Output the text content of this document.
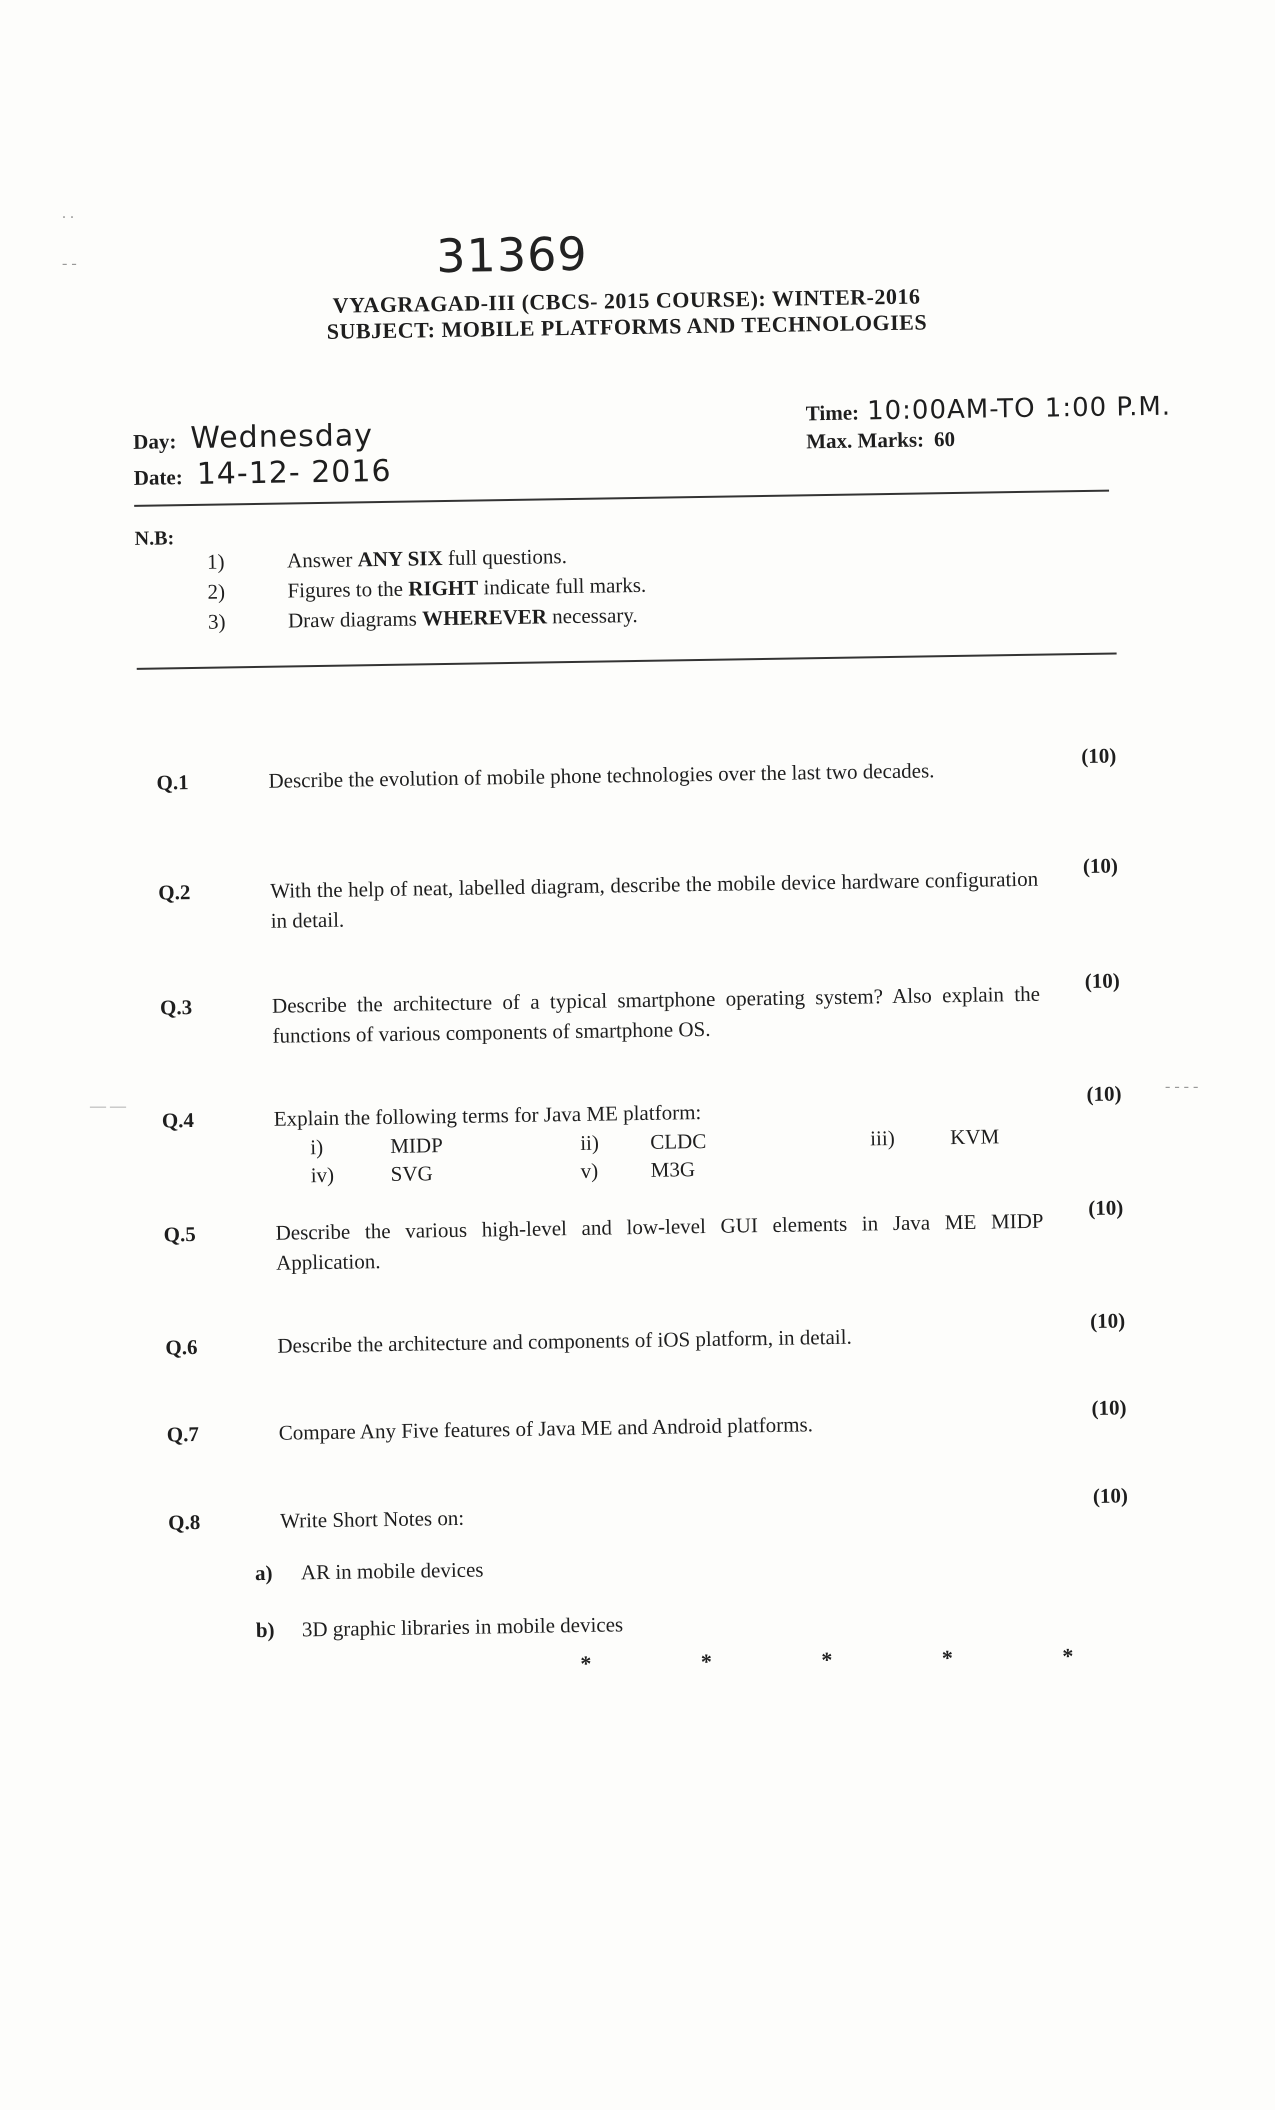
31369
VYAGRAGAD-III (CBCS- 2015 COURSE): WINTER-2016
SUBJECT: MOBILE PLATFORMS AND TECHNOLOGIES
Day: Wednesday
Date: 14-12- 2016
Time: 10:00AM-TO 1:00 P.M.
Max. Marks: 60
N.B:
1)	Answer ANY SIX full questions.
2)	Figures to the RIGHT indicate full marks.
3)	Draw diagrams WHEREVER necessary.
Q.1
(10)
Describe the evolution of mobile phone technologies over the last two decades.
Q.2
(10)
With the help of neat, labelled diagram, describe the mobile device hardware configuration in detail.
Q.3
(10)
Describe the architecture of a typical smartphone operating system? Also explain the functions of various components of smartphone OS.
Q.4
(10)
Explain the following terms for Java ME platform:
i)	MIDP	ii)	CLDC	iii)	KVM
iv)	SVG	v)	M3G
Q.5
(10)
Describe the various high-level and low-level GUI elements in Java ME MIDP Application.
Q.6
(10)
Describe the architecture and components of iOS platform, in detail.
Q.7
(10)
Compare Any Five features of Java ME and Android platforms.
Q.8
(10)
Write Short Notes on:
a) AR in mobile devices
b) 3D graphic libraries in mobile devices
* * * * *
. .
- -
— —
- - - -
